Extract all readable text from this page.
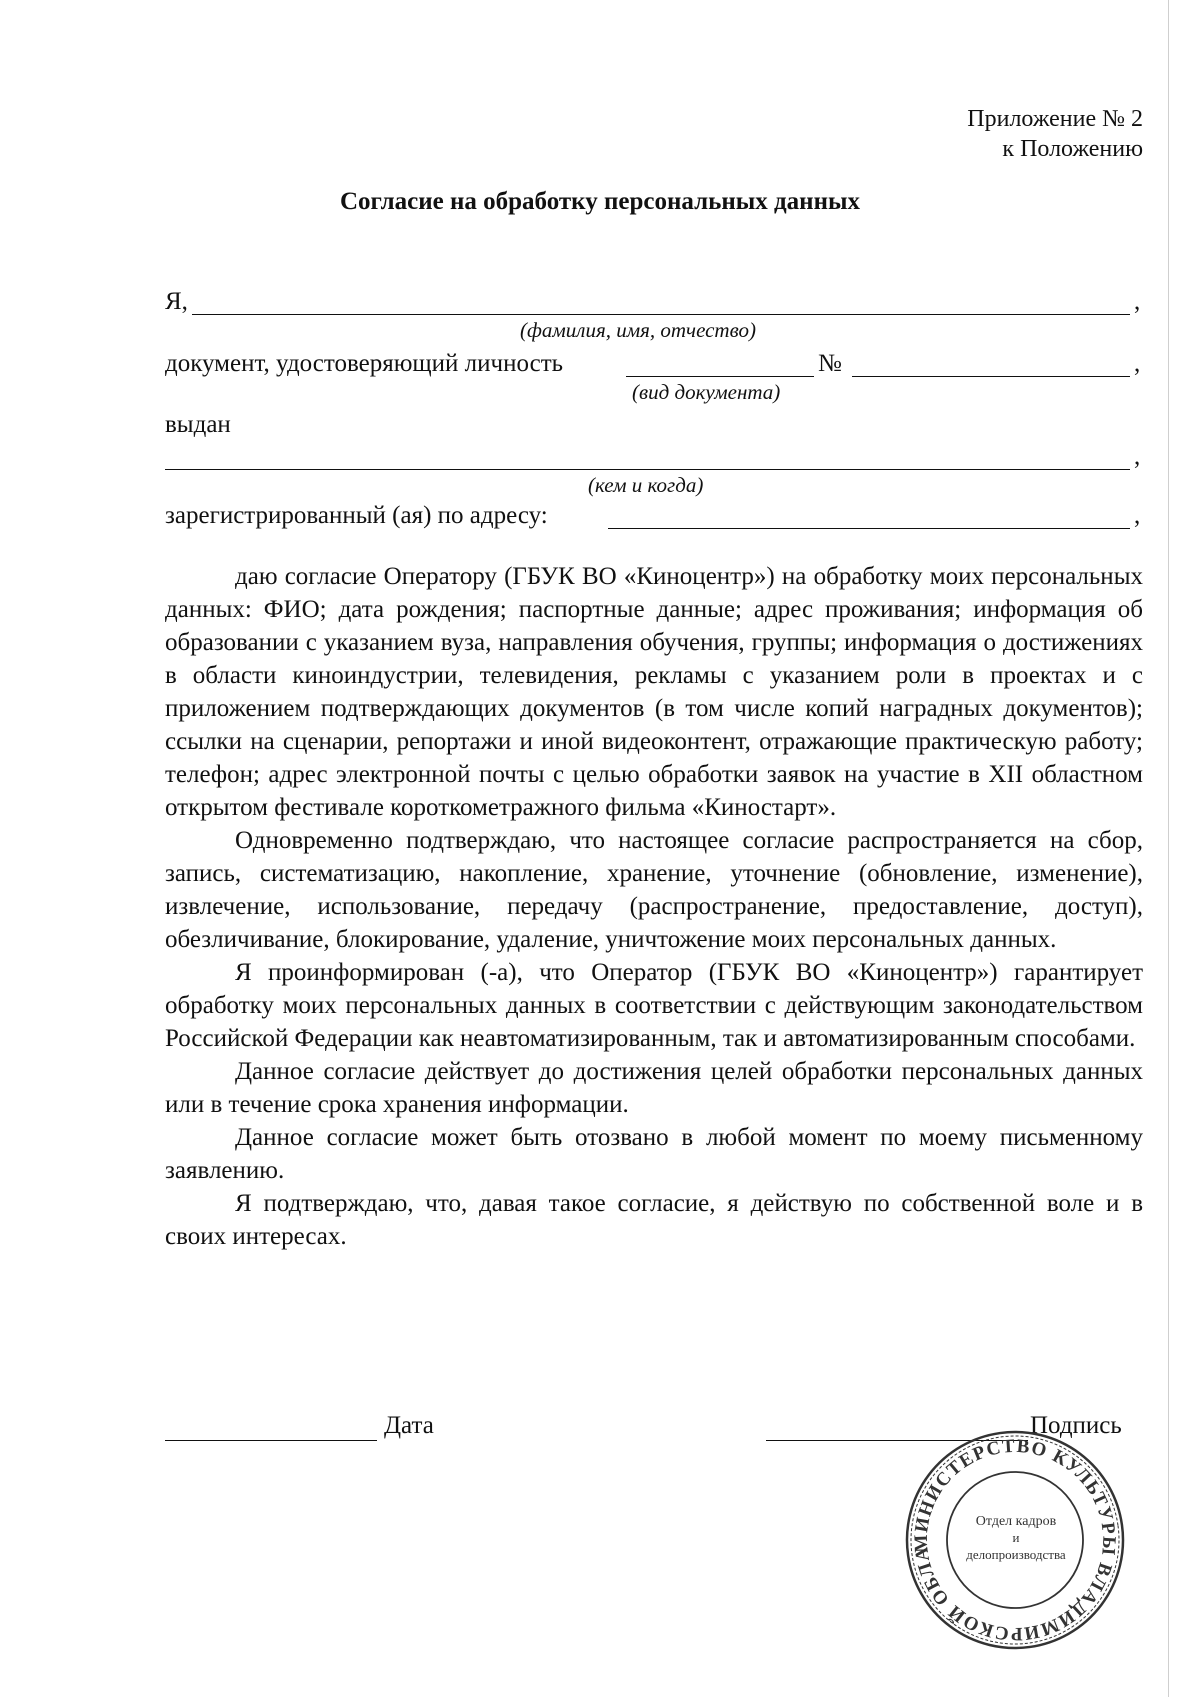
Приложение № 2
к Положению
Согласие на обработку персональных данных
Я,	,
(фамилия, имя, отчество)
документ, удостоверяющий личность	№	,
(вид документа)
выдан
,
(кем и когда)
зарегистрированный (ая) по адресу:	,

даю согласие Оператору (ГБУК ВО «Киноцентр») на обработку моих персональных данных: ФИО; дата рождения; паспортные данные; адрес проживания; информация об образовании с указанием вуза, направления обучения, группы; информация о достижениях в области киноиндустрии, телевидения, рекламы с указанием роли в проектах и с приложением подтверждающих документов (в том числе копий наградных документов); ссылки на сценарии, репортажи и иной видеоконтент, отражающие практическую работу; телефон; адрес электронной почты с целью обработки заявок на участие в XII областном открытом фестивале короткометражного фильма «Киностарт».

Одновременно подтверждаю, что настоящее согласие распространяется на сбор, запись, систематизацию, накопление, хранение, уточнение (обновление, изменение), извлечение, использование, передачу (распространение, предоставление, доступ), обезличивание, блокирование, удаление, уничтожение моих персональных данных.

Я проинформирован (-а), что Оператор (ГБУК ВО «Киноцентр») гарантирует обработку моих персональных данных в соответствии с действующим законодательством Российской Федерации как неавтоматизированным, так и автоматизированным способами.

Данное согласие действует до достижения целей обработки персональных данных или в течение срока хранения информации.

Данное согласие может быть отозвано в любой момент по моему письменному заявлению.

Я подтверждаю, что, давая такое согласие, я действую по собственной воле и в своих интересах.

Дата	Подпись
МИНИСТЕРСТВО КУЛЬТУРЫ ВЛАДИМИРСКОЙ ОБЛАСТИ
Отдел кадров
и
делопроизводства
